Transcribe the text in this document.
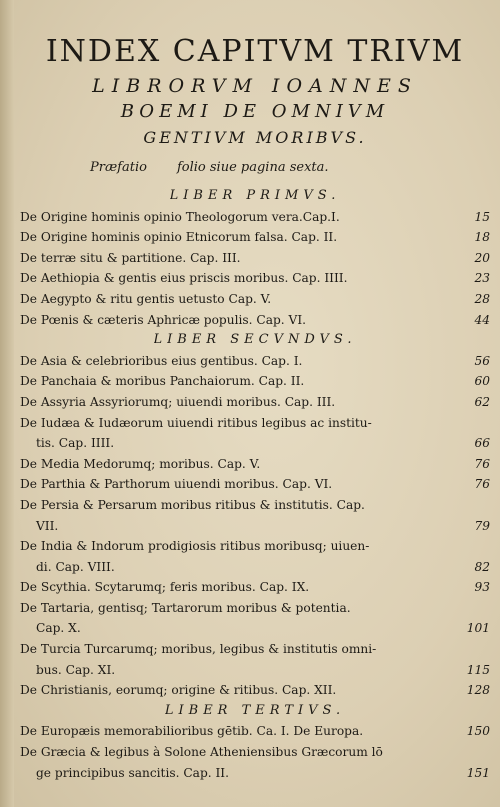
INDEX CAPITVM TRIVM
LIBRORVM IOANNES
BOEMI DE OMNIVM
GENTIVM MORIBVS.
Præfatio folio siue pagina sexta.
LIBER PRIMVS.
De Origine hominis opinio Theologorum vera.Cap.I.	15
De Origine hominis opinio Etnicorum falsa. Cap. II.	18
De terræ situ & partitione. Cap. III.	20
De Aethiopia & gentis eius priscis moribus. Cap. IIII.	23
De Aegypto & ritu gentis uetusto Cap. V.	28
De Pœnis & cæteris Aphricæ populis. Cap. VI.	44
LIBER SECVNDVS.
De Asia & celebrioribus eius gentibus. Cap. I.	56
De Panchaia & moribus Panchaiorum. Cap. II.	60
De Assyria Assyriorumq; uiuendi moribus. Cap. III.	62
De Iudæa & Iudæorum uiuendi ritibus legibus ac institu-
tis. Cap. IIII.	66
De Media Medorumq; moribus. Cap. V.	76
De Parthia & Parthorum uiuendi moribus. Cap. VI.	76
De Persia & Persarum moribus ritibus & institutis. Cap.
VII.	79
De India & Indorum prodigiosis ritibus moribusq; uiuen-
di. Cap. VIII.	82
De Scythia. Scytarumq; feris moribus. Cap. IX.	93
De Tartaria, gentisq; Tartarorum moribus & potentia.
Cap. X.	101
De Turcia Turcarumq; moribus, legibus & institutis omni-
bus. Cap. XI.	115
De Christianis, eorumq; origine & ritibus. Cap. XII.	128
LIBER TERTIVS.
De Europæis memorabilioribus gētib. Ca. I. De Europa.	150
De Græcia & legibus à Solone Atheniensibus Græcorum lō
ge principibus sancitis. Cap. II.	151
